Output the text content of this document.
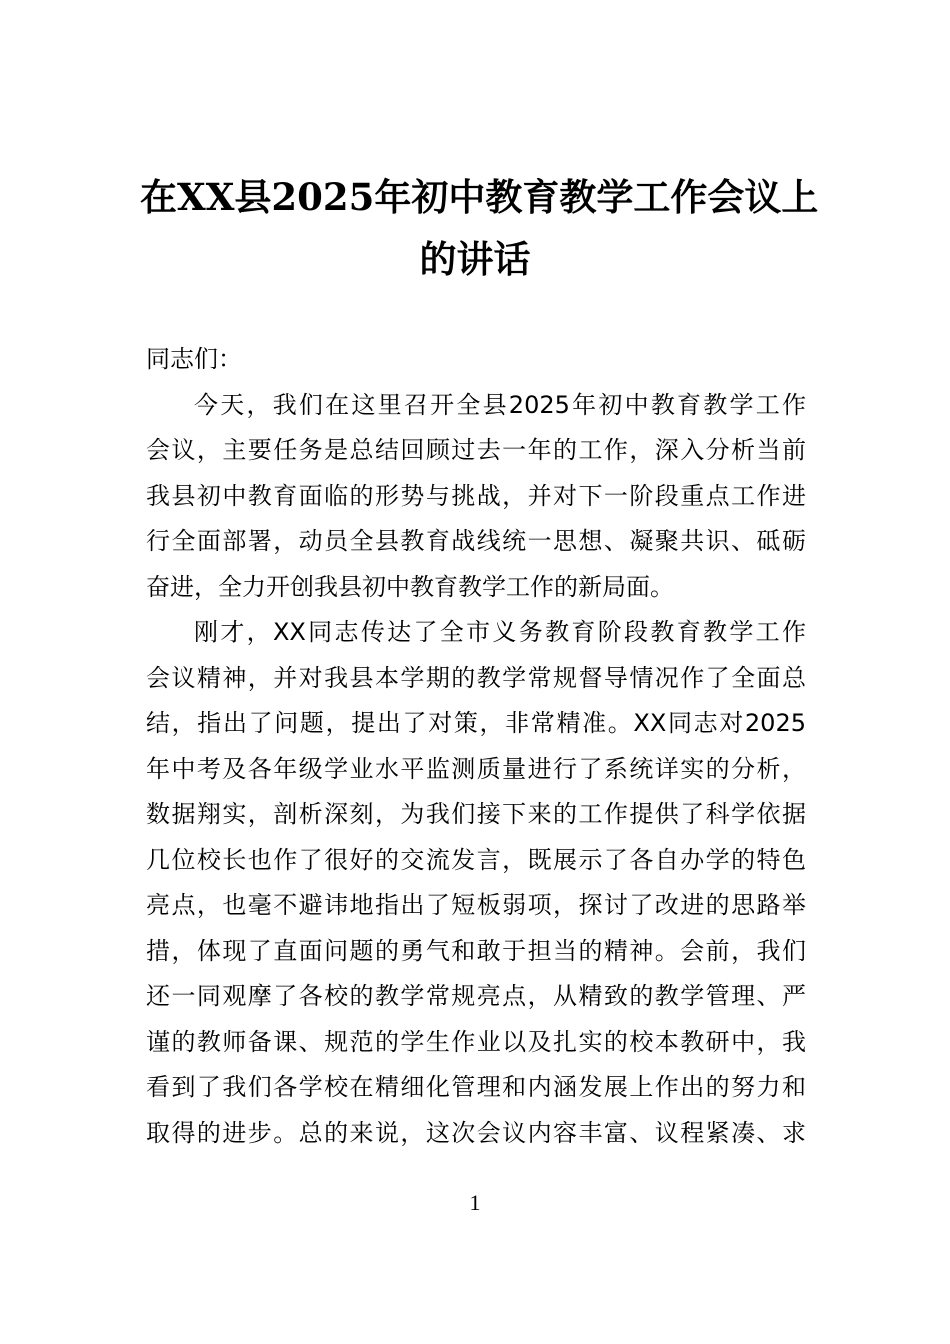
在XX县2025年初中教育教学工作会议上
的讲话
同志们：
今天，我们在这里召开全县2025年初中教育教学工作
会议，主要任务是总结回顾过去一年的工作，深入分析当前
我县初中教育面临的形势与挑战，并对下一阶段重点工作进
行全面部署，动员全县教育战线统一思想、凝聚共识、砥砺
奋进，全力开创我县初中教育教学工作的新局面。
刚才，XX同志传达了全市义务教育阶段教育教学工作
会议精神，并对我县本学期的教学常规督导情况作了全面总
结，指出了问题，提出了对策，非常精准。XX同志对2025
年中考及各年级学业水平监测质量进行了系统详实的分析，
数据翔实，剖析深刻，为我们接下来的工作提供了科学依据
几位校长也作了很好的交流发言，既展示了各自办学的特色
亮点，也毫不避讳地指出了短板弱项，探讨了改进的思路举
措，体现了直面问题的勇气和敢于担当的精神。会前，我们
还一同观摩了各校的教学常规亮点，从精致的教学管理、严
谨的教师备课、规范的学生作业以及扎实的校本教研中，我
看到了我们各学校在精细化管理和内涵发展上作出的努力和
取得的进步。总的来说，这次会议内容丰富、议程紧凑、求
1
